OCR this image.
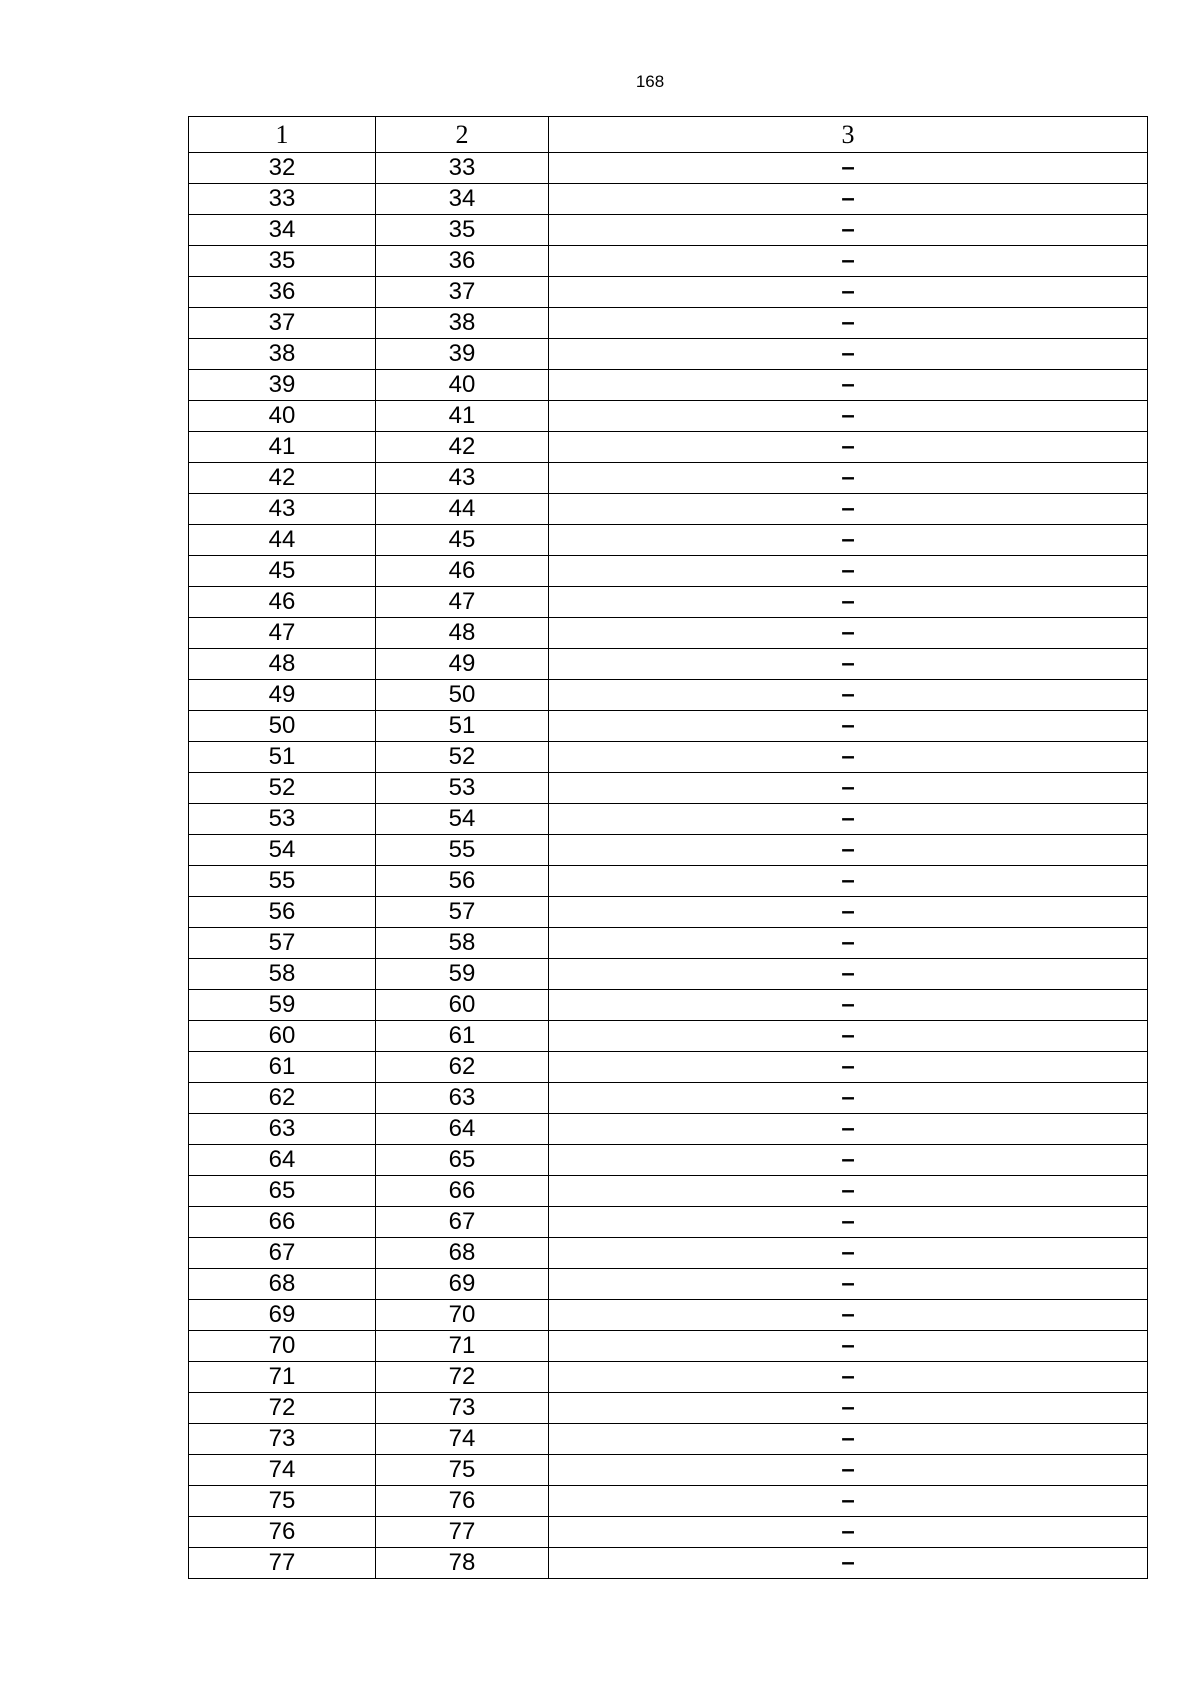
168
1	2	3
32	33	–
33	34	–
34	35	–
35	36	–
36	37	–
37	38	–
38	39	–
39	40	–
40	41	–
41	42	–
42	43	–
43	44	–
44	45	–
45	46	–
46	47	–
47	48	–
48	49	–
49	50	–
50	51	–
51	52	–
52	53	–
53	54	–
54	55	–
55	56	–
56	57	–
57	58	–
58	59	–
59	60	–
60	61	–
61	62	–
62	63	–
63	64	–
64	65	–
65	66	–
66	67	–
67	68	–
68	69	–
69	70	–
70	71	–
71	72	–
72	73	–
73	74	–
74	75	–
75	76	–
76	77	–
77	78	–
